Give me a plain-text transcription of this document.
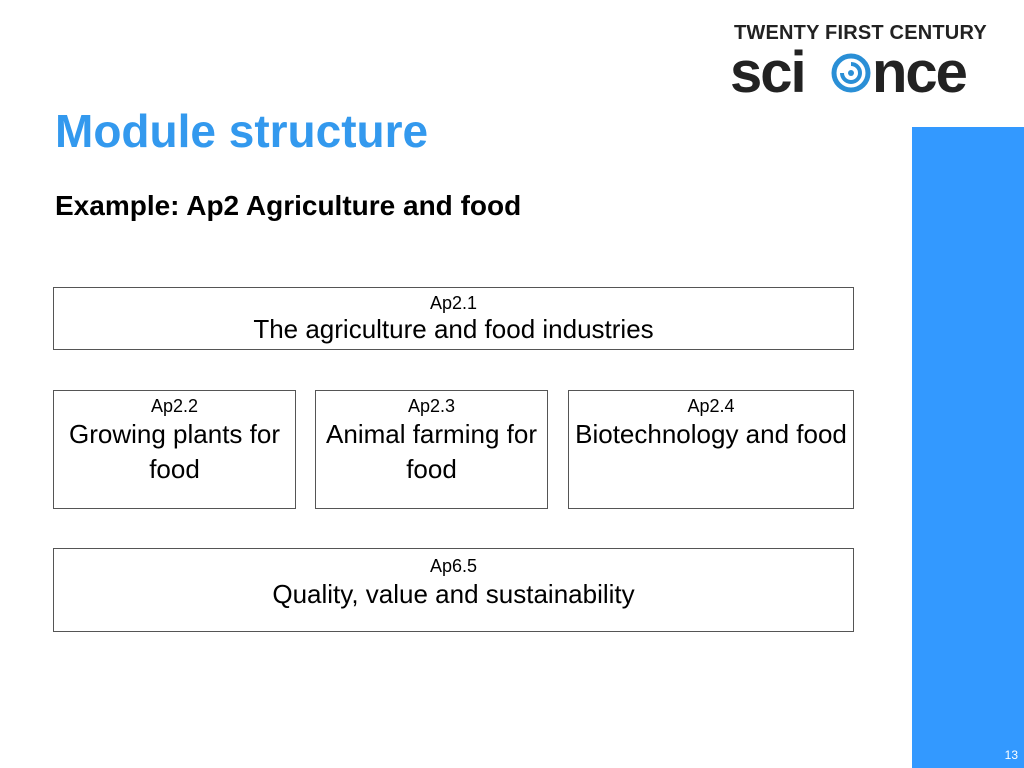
TWENTY FIRST CENTURY
sci nce
Module structure
Example: Ap2 Agriculture and food
Ap2.1
The agriculture and food industries
Ap2.2
Growing plants for food
Ap2.3
Animal farming for food
Ap2.4
Biotechnology and food
Ap6.5
Quality, value and sustainability
13
